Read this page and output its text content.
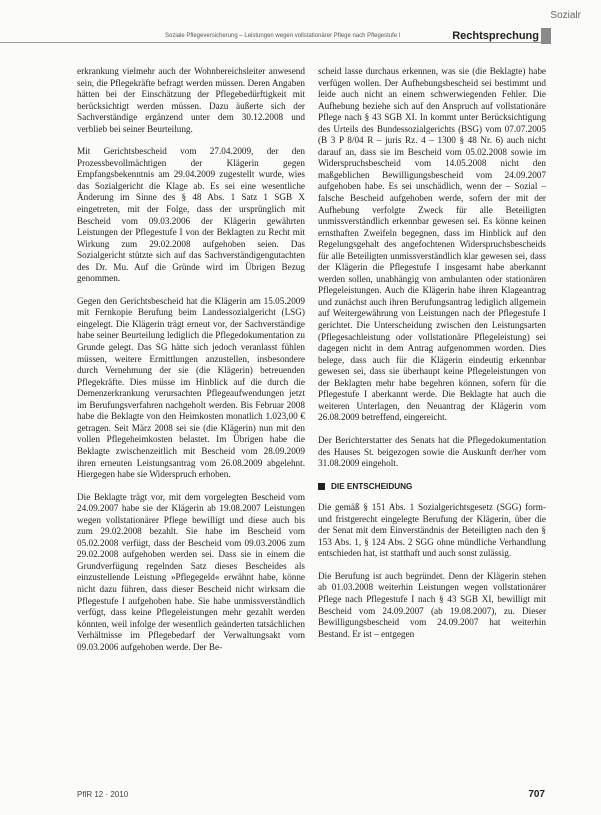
Sozialr
Soziale Pflegeversicherung – Leistungen wegen vollstationärer Pflege nach Pflegestufe I	Rechtsprechung

erkrankung vielmehr auch der Wohnbereichsleiter anwesend sein, die Pflegekräfte befragt werden müssen. Deren Angaben hätten bei der Einschätzung der Pflegebedürftigkeit mit berücksichtigt werden müssen. Dazu äußerte sich der Sachverständige ergänzend unter dem 30.12.2008 und verblieb bei seiner Beurteilung.

Mit Gerichtsbescheid vom 27.04.2009, der den Prozessbevollmächtigen der Klägerin gegen Empfangsbekenntnis am 29.04.2009 zugestellt wurde, wies das Sozialgericht die Klage ab. Es sei eine wesentliche Änderung im Sinne des § 48 Abs. 1 Satz 1 SGB X eingetreten, mit der Folge, dass der ursprünglich mit Bescheid vom 09.03.2006 der Klägerin gewährten Leistungen der Pflegestufe I von der Beklagten zu Recht mit Wirkung zum 29.02.2008 aufgehoben seien. Das Sozialgericht stützte sich auf das Sachverständigengutachten des Dr. Mu. Auf die Gründe wird im Übrigen Bezug genommen.

Gegen den Gerichtsbescheid hat die Klägerin am 15.05.2009 mit Fernkopie Berufung beim Landessozialgericht (LSG) eingelegt. Die Klägerin trägt erneut vor, der Sachverständige habe seiner Beurteilung lediglich die Pflegedokumentation zu Grunde gelegt. Das SG hätte sich jedoch veranlasst fühlen müssen, weitere Ermittlungen anzustellen, insbesondere durch Vernehmung der sie (die Klägerin) betreuenden Pflegekräfte. Dies müsse im Hinblick auf die durch die Demenzerkrankung verursachten Pflegeaufwendungen jetzt im Berufungsverfahren nachgeholt werden. Bis Februar 2008 habe die Beklagte von den Heimkosten monatlich 1.023,00 € getragen. Seit März 2008 sei sie (die Klägerin) nun mit den vollen Pflegeheimkosten belastet. Im Übrigen habe die Beklagte zwischenzeitlich mit Bescheid vom 28.09.2009 ihren erneuten Leistungsantrag vom 26.08.2009 abgelehnt. Hiergegen habe sie Widerspruch erhoben.

Die Beklagte trägt vor, mit dem vorgelegten Bescheid vom 24.09.2007 habe sie der Klägerin ab 19.08.2007 Leistungen wegen vollstationärer Pflege bewilligt und diese auch bis zum 29.02.2008 bezahlt. Sie habe im Bescheid vom 05.02.2008 verfügt, dass der Bescheid vom 09.03.2006 zum 29.02.2008 aufgehoben werden sei. Dass sie in einem die Grundverfügung regelnden Satz dieses Bescheides als einzustellende Leistung »Pflegegeld« erwähnt habe, könne nicht dazu führen, dass dieser Bescheid nicht wirksam die Pflegestufe I aufgehoben habe. Sie habe unmissverständlich verfügt, dass keine Pflegeleistungen mehr gezahlt werden könnten, weil infolge der wesentlich geänderten tatsächlichen Verhältnisse im Pflegebedarf der Verwaltungsakt vom 09.03.2006 aufgehoben werde. Der Be-

scheid lasse durchaus erkennen, was sie (die Beklagte) habe verfügen wollen. Der Aufhebungsbescheid sei bestimmt und leide auch nicht an einem schwerwiegenden Fehler. Die Aufhebung beziehe sich auf den Anspruch auf vollstationäre Pflege nach § 43 SGB XI. In kommt unter Berücksichtigung des Urteils des Bundessozialgerichts (BSG) vom 07.07.2005 (B 3 P 8/04 R – juris Rz. 4 – 1300 § 48 Nr. 6) auch nicht darauf an, dass sie im Bescheid vom 05.02.2008 sowie im Widerspruchsbescheid vom 14.05.2008 nicht den maßgeblichen Bewilligungsbescheid vom 24.09.2007 aufgehoben habe. Es sei unschädlich, wenn der – Sozial – falsche Bescheid aufgehoben werde, sofern der mit der Aufhebung verfolgte Zweck für alle Beteiligten unmissverständlich erkennbar gewesen sei. Es könne keinen ernsthaften Zweifeln begegnen, dass im Hinblick auf den Regelungsgehalt des angefochtenen Widerspruchsbescheids für alle Beteiligten unmissverständlich klar gewesen sei, dass der Klägerin die Pflegestufe I insgesamt habe aberkannt werden sollen, unabhängig von ambulanten oder stationären Pflegeleistungen. Auch die Klägerin habe ihren Klageantrag und zunächst auch ihren Berufungsantrag lediglich allgemein auf Weitergewährung von Leistungen nach der Pflegestufe I gerichtet. Die Unterscheidung zwischen den Leistungsarten (Pflegesachleistung oder vollstationäre Pflegeleistung) sei dagegen nicht in dem Antrag aufgenommen worden. Dies belege, dass auch für die Klägerin eindeutig erkennbar gewesen sei, dass sie überhaupt keine Pflegeleistungen von der Beklagten mehr habe begehren können, sofern für die Pflegestufe I aberkannt werde. Die Beklagte hat auch die weiteren Unterlagen, den Neuantrag der Klägerin vom 26.08.2009 betreffend, eingereicht.

Der Berichterstatter des Senats hat die Pflegedokumentation des Hauses St. beigezogen sowie die Auskunft der/her vom 31.08.2009 eingeholt.

DIE ENTSCHEIDUNG

Die gemäß § 151 Abs. 1 Sozialgerichtsgesetz (SGG) form- und fristgerecht eingelegte Berufung der Klägerin, über die der Senat mit dem Einverständnis der Beteiligten nach den § 153 Abs. 1, § 124 Abs. 2 SGG ohne mündliche Verhandlung entschieden hat, ist statthaft und auch sonst zulässig.

Die Berufung ist auch begründet. Denn der Klägerin stehen ab 01.03.2008 weiterhin Leistungen wegen vollstationärer Pflege nach Pflegestufe I nach § 43 SGB XI, bewilligt mit Bescheid vom 24.09.2007 (ab 19.08.2007), zu. Dieser Bewilligungsbescheid vom 24.09.2007 hat weiterhin Bestand. Er ist – entgegen

PflR 12 · 2010	707
